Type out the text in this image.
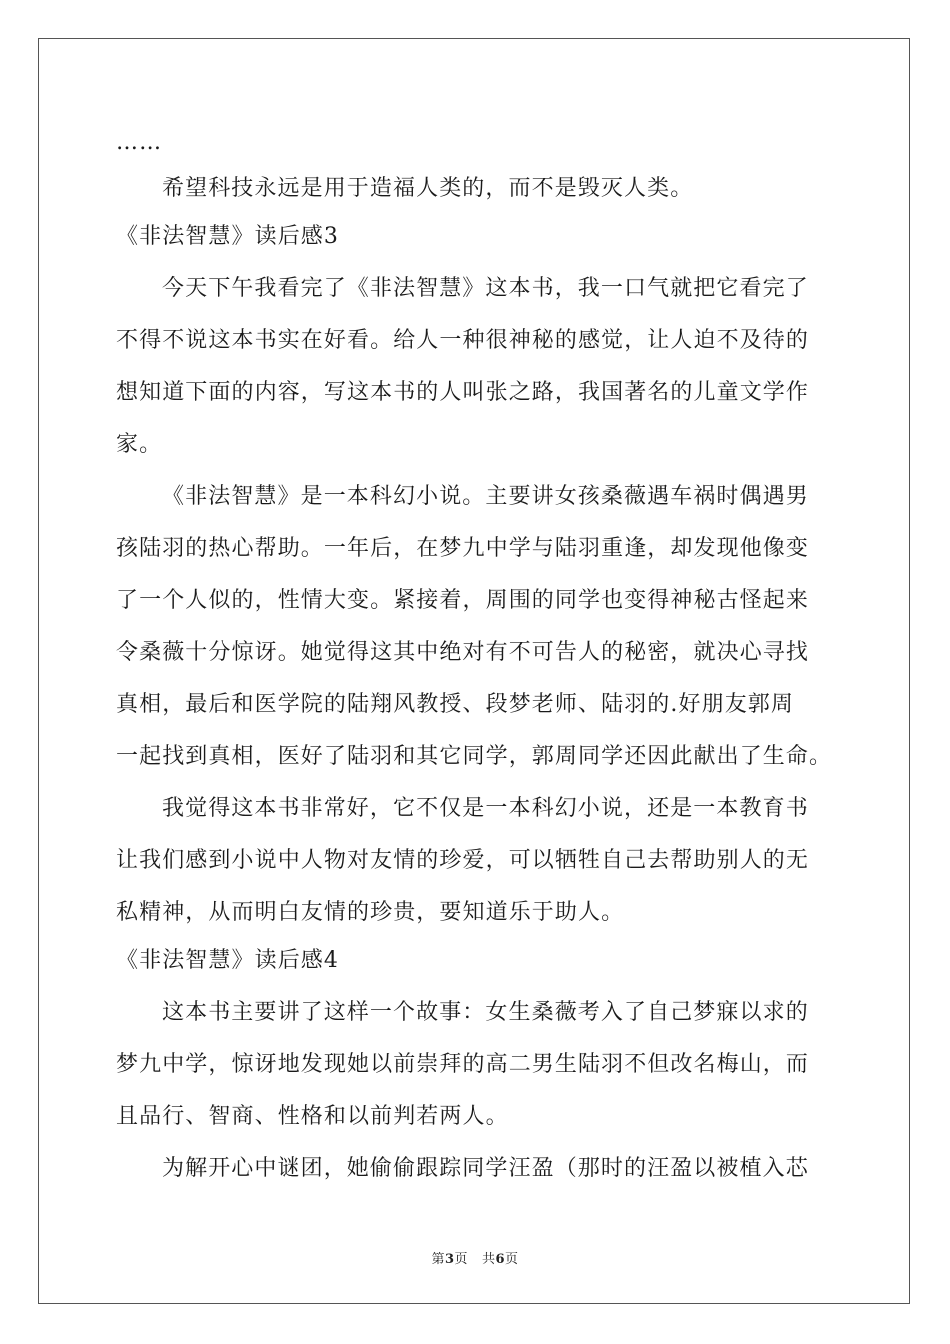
……
希望科技永远是用于造福人类的，而不是毁灭人类。
《非法智慧》读后感3
今天下午我看完了《非法智慧》这本书，我一口气就把它看完了
不得不说这本书实在好看。给人一种很神秘的感觉，让人迫不及待的
想知道下面的内容，写这本书的人叫张之路，我国著名的儿童文学作
家。
《非法智慧》是一本科幻小说。主要讲女孩桑薇遇车祸时偶遇男
孩陆羽的热心帮助。一年后，在梦九中学与陆羽重逢，却发现他像变
了一个人似的，性情大变。紧接着，周围的同学也变得神秘古怪起来
令桑薇十分惊讶。她觉得这其中绝对有不可告人的秘密，就决心寻找
真相，最后和医学院的陆翔风教授、段梦老师、陆羽的.好朋友郭周
一起找到真相，医好了陆羽和其它同学，郭周同学还因此献出了生命。
我觉得这本书非常好，它不仅是一本科幻小说，还是一本教育书
让我们感到小说中人物对友情的珍爱，可以牺牲自己去帮助别人的无
私精神，从而明白友情的珍贵，要知道乐于助人。
《非法智慧》读后感4
这本书主要讲了这样一个故事：女生桑薇考入了自己梦寐以求的
梦九中学，惊讶地发现她以前崇拜的高二男生陆羽不但改名梅山，而
且品行、智商、性格和以前判若两人。
为解开心中谜团，她偷偷跟踪同学汪盈（那时的汪盈以被植入芯
第3页 共6页
